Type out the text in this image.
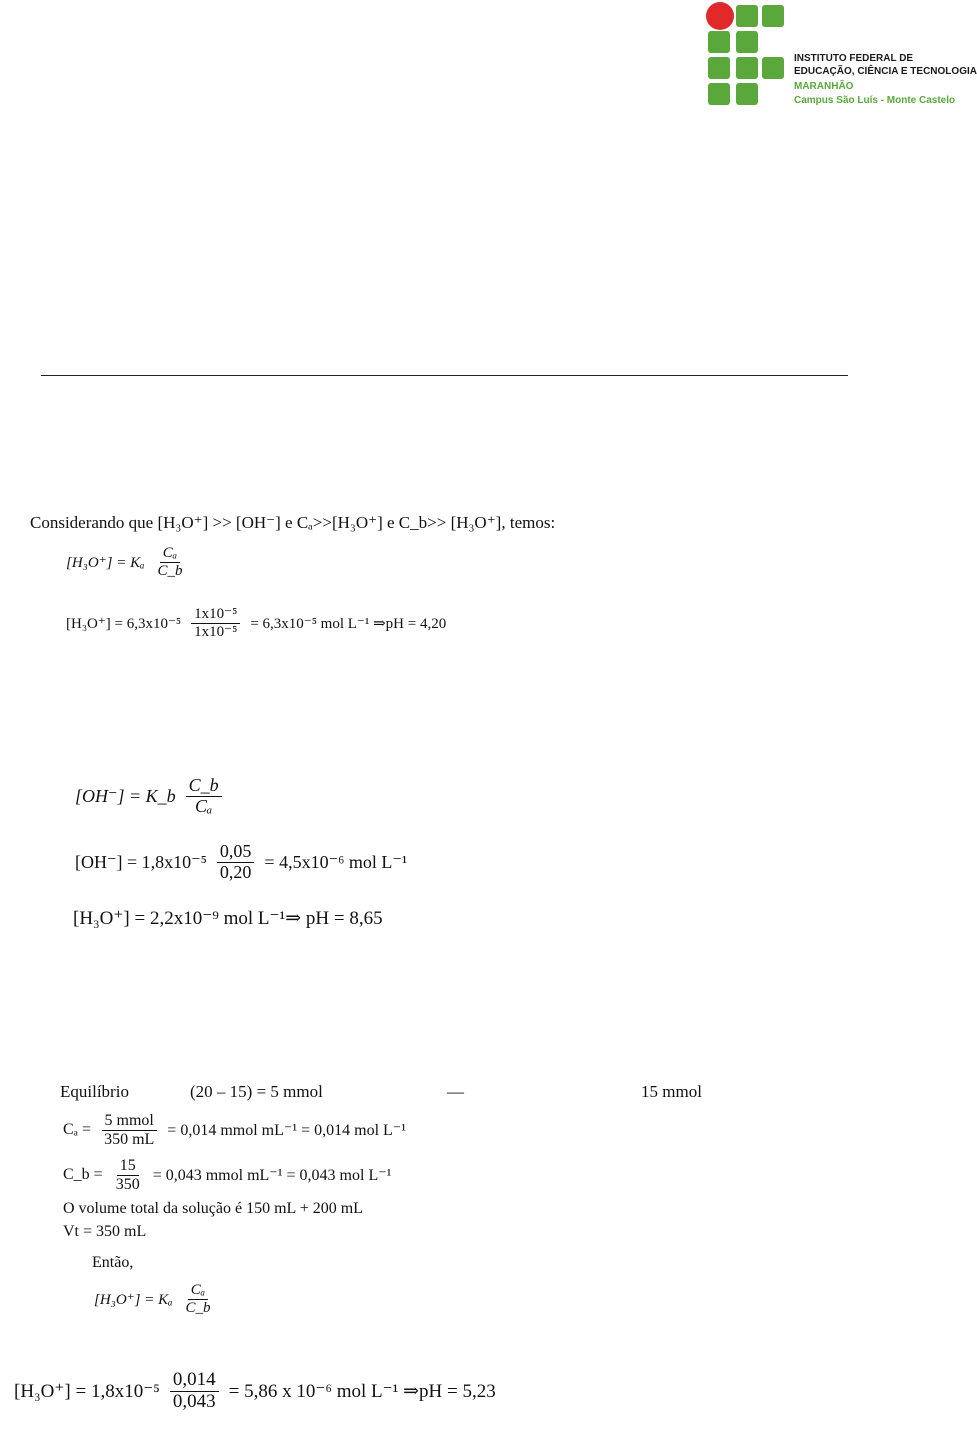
INSTITUTO FEDERAL DE
EDUCAÇÃO, CIÊNCIA E TECNOLOGIA
MARANHÃO
Campus São Luís - Monte Castelo
Considerando que [H₃O⁺] >> [OH⁻] e Cₐ>>[H₃O⁺] e C_b>> [H₃O⁺], temos:
[H₃O⁺] = Kₐ $\frac{\text{Cₐ}}{C\_b}$
$[H_3O^+] = 6,3x10^{-5} \frac{\text{1x10⁻⁵}}{\text{1x10⁻⁵}} = 6,3x10^{-5}$ mol L⁻¹ ⇒pH = 4,20
[OH⁻] = K_b $\frac{C\_b}{\text{Cₐ}}$
$[OH^-] = 1,8x10^{-5} \frac{0,05}{0,20} = 4,5x10^{-6}$ mol L⁻¹
[H₃O⁺] = 2,2x10⁻⁹ mol L⁻¹⇒ pH = 8,65
Equilíbrio	(20 – 15) = 5 mmol	—	15 mmol
$C_a = \frac{\text{5 mmol}}{350 mL} = 0,014$ mmol mL⁻¹ = 0,014 mol L⁻¹
C_b = $\frac{15}{350} = 0,043$ mmol mL⁻¹ = 0,043 mol L⁻¹
O volume total da solução é 150 mL + 200 mL
Vt = 350 mL
Então,
[H₃O⁺] = Kₐ $\frac{\text{Cₐ}}{C\_b}$
$[H_3O^+] = 1,8x10^{-5} \frac{0,014}{0,043} = 5,86$ x 10⁻⁶ mol L⁻¹ ⇒pH = 5,23
